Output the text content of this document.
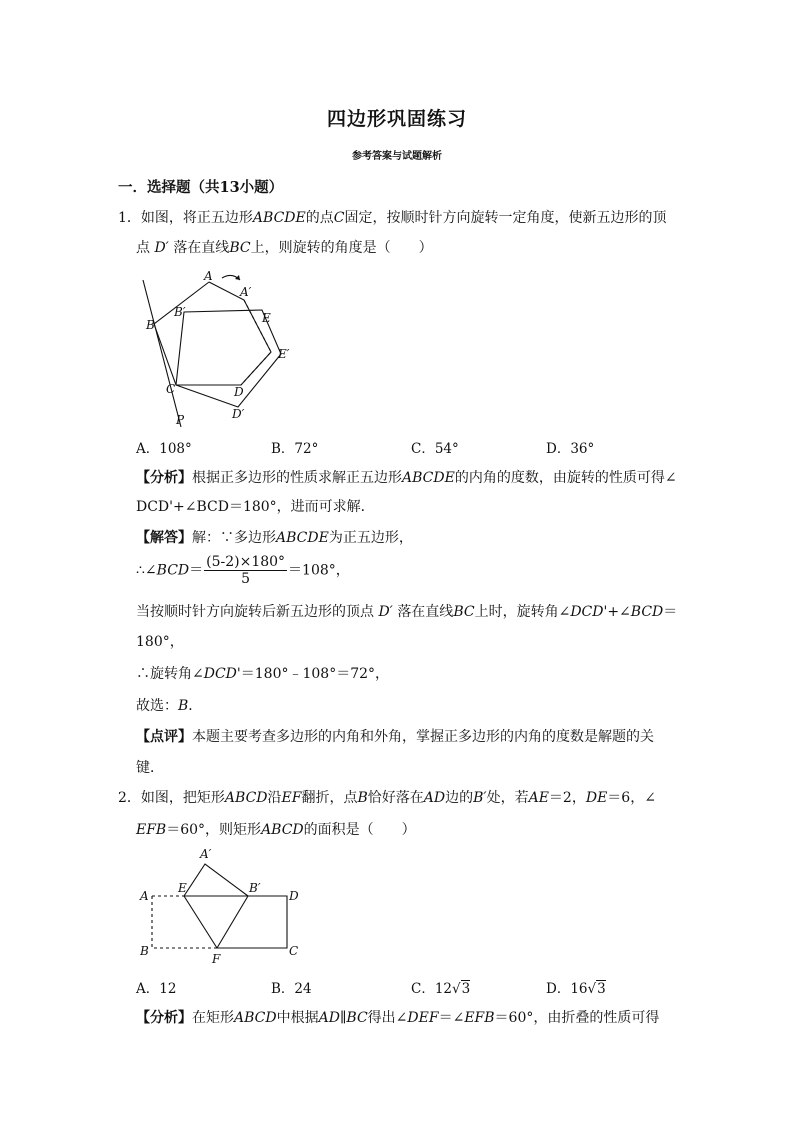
四边形巩固练习
参考答案与试题解析
一．选择题（共13小题）
1．如图，将正五边形ABCDE的点C固定，按顺时针方向旋转一定角度，使新五边形的顶
点 D′ 落在直线BC上，则旋转的角度是（　　）
A
A′
B
B′
C	D
D′
E
E′
P
A．108°	B．72°	C．54°	D．36°
【分析】根据正多边形的性质求解正五边形ABCDE的内角的度数，由旋转的性质可得∠
DCD'+∠BCD＝180°，进而可求解．
【解答】解：∵多边形ABCDE为正五边形，
∴∠BCD＝ $\frac{(5-2)\times 180^\circ}{5} =108^\circ$，
当按顺时针方向旋转后新五边形的顶点 D′ 落在直线BC上时，旋转角∠DCD'+∠BCD＝
180°，
∴旋转角∠DCD'＝180°﹣108°＝72°，
故选：B．
【点评】本题主要考查多边形的内角和外角，掌握正多边形的内角的度数是解题的关
键．
2．如图，把矩形ABCD沿EF翻折，点B恰好落在AD边的B′处，若AE＝2，DE＝6，∠
EFB＝60°，则矩形ABCD的面积是（　　）
A
A′
B
B′
C
D
E
F
A．12	B．24	C．12√3	D．16√3
【分析】在矩形ABCD中根据AD∥BC得出∠DEF＝∠EFB＝60°，由折叠的性质可得
